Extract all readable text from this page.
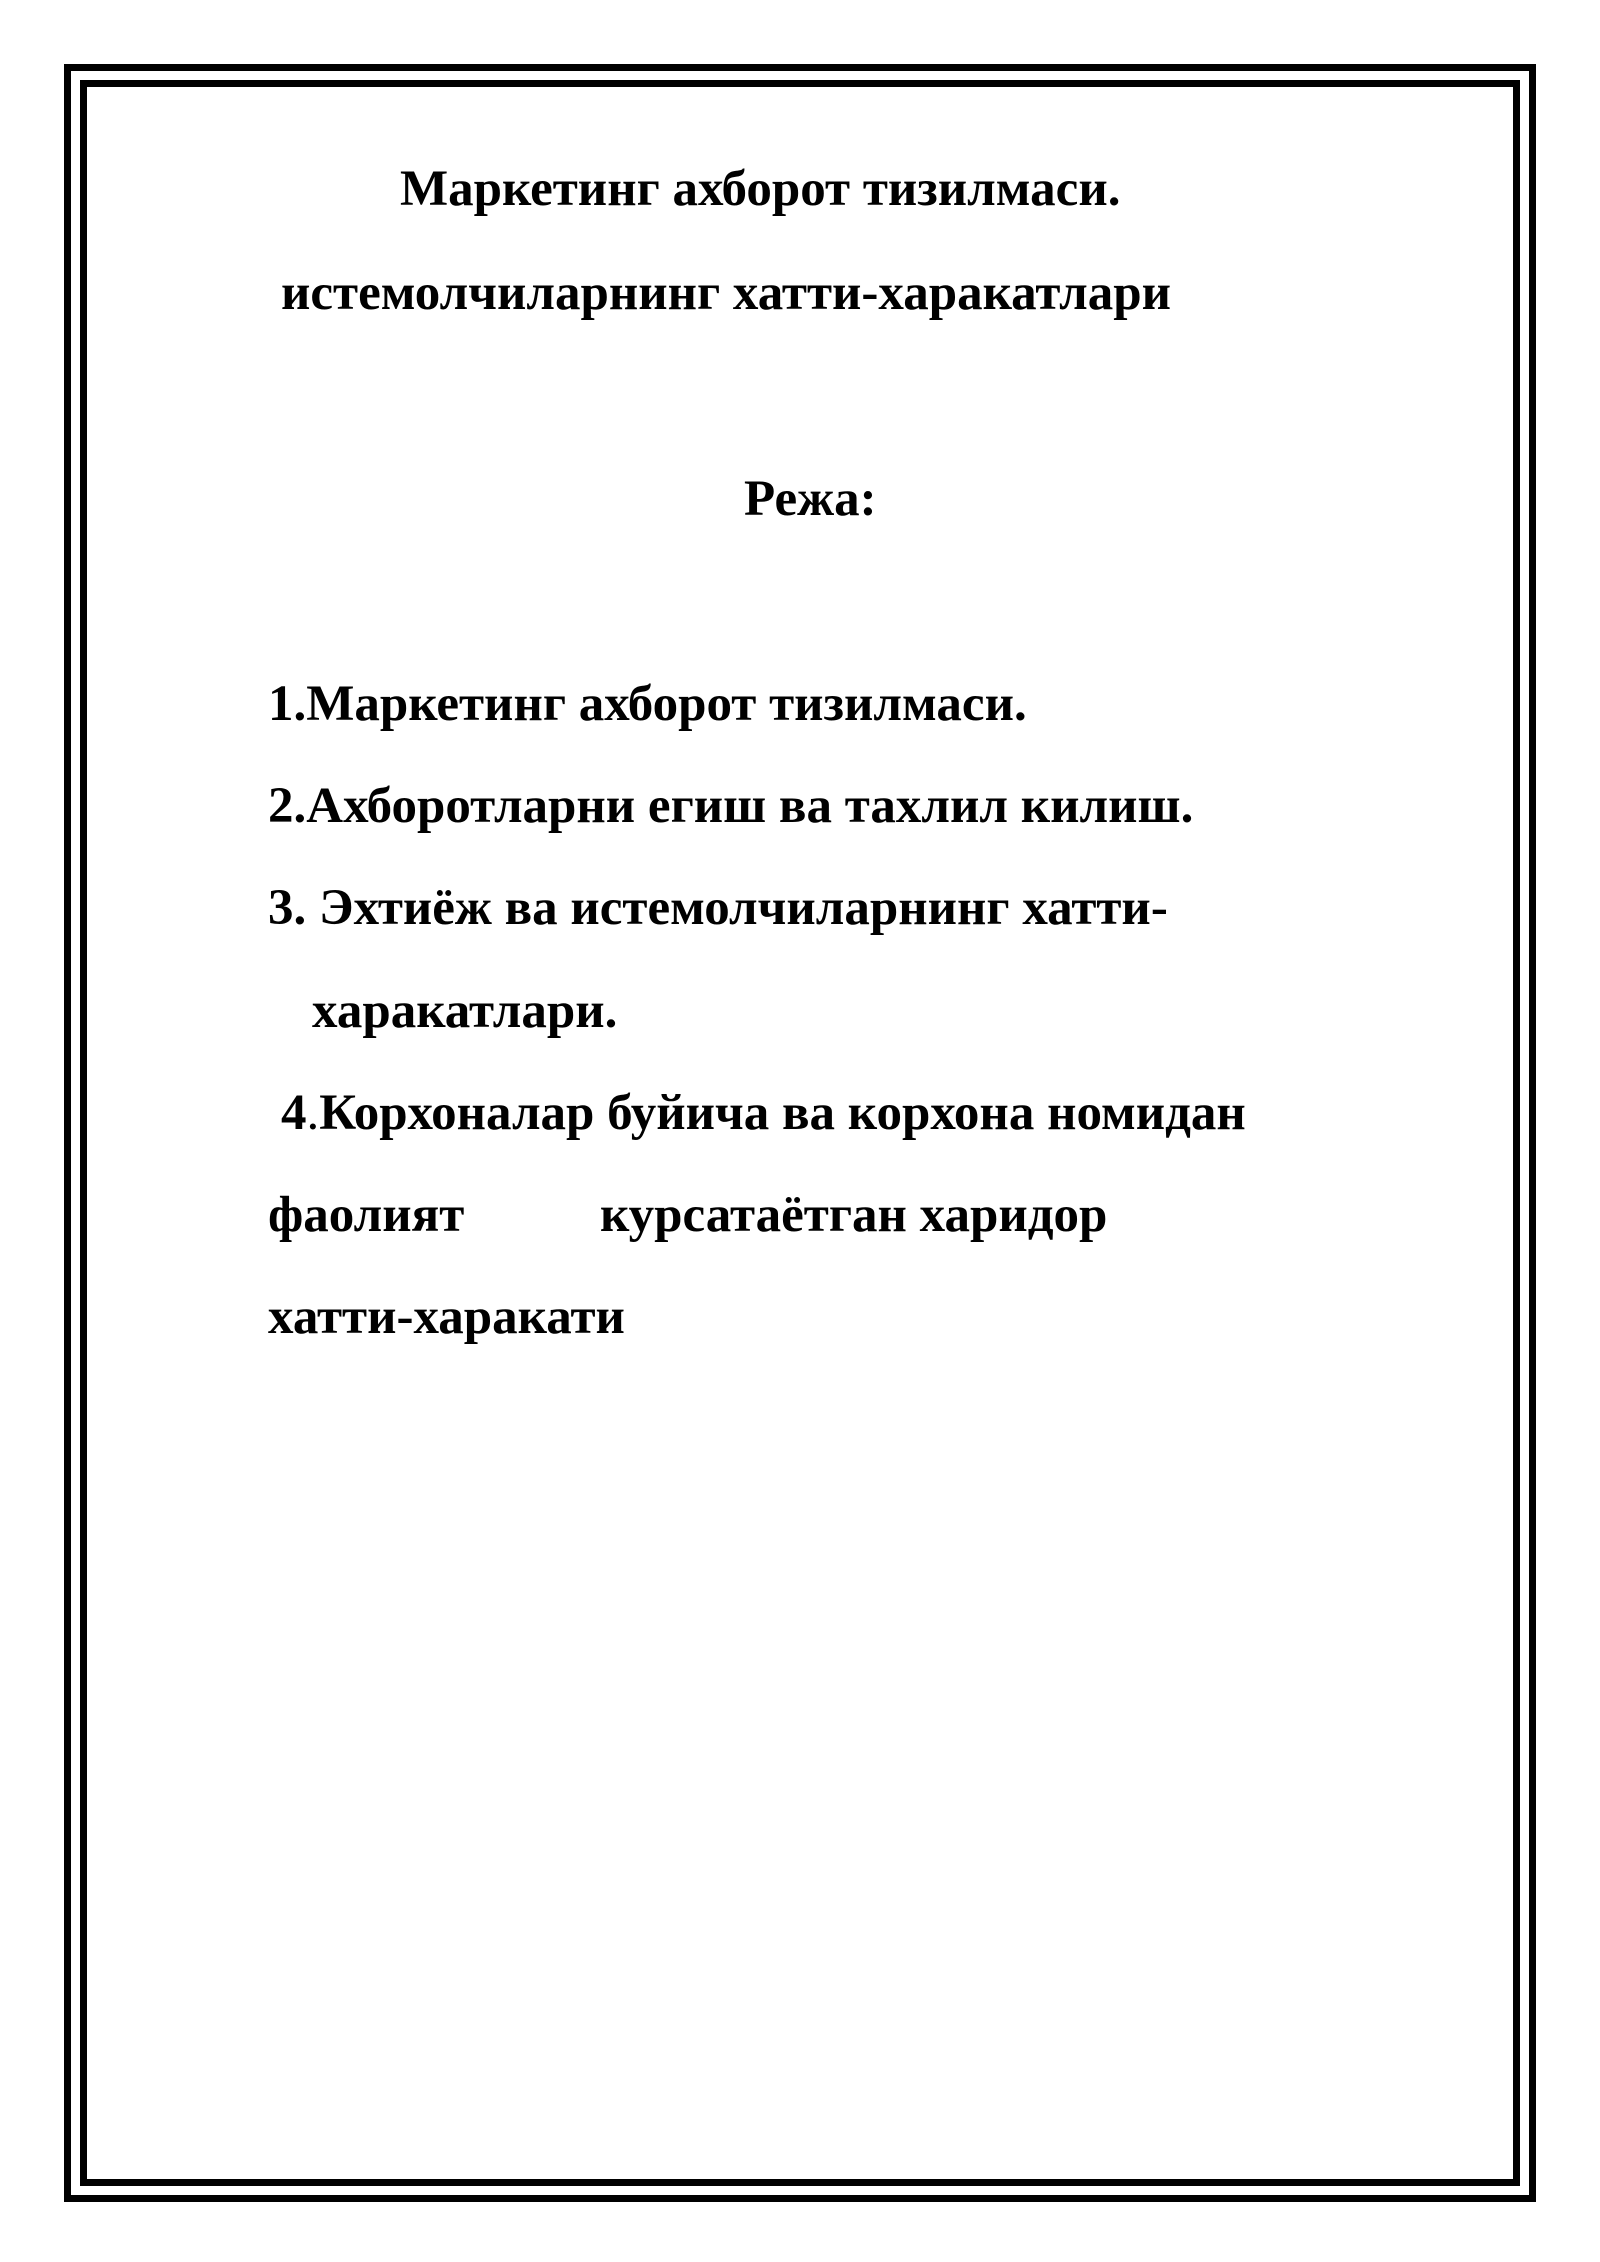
Маркетинг ахборот тизилмаси.
истемолчиларнинг хатти-харакатлари
Режа:
1.Маркетинг ахборот тизилмаси.
2.Ахборотларни егиш ва тахлил килиш.
3. Эхтиёж ва истемолчиларнинг хатти-
харакатлари.
4.Корхоналар буйича ва корхона номидан
фаолият	курсатаётган харидор
хатти-харакати
